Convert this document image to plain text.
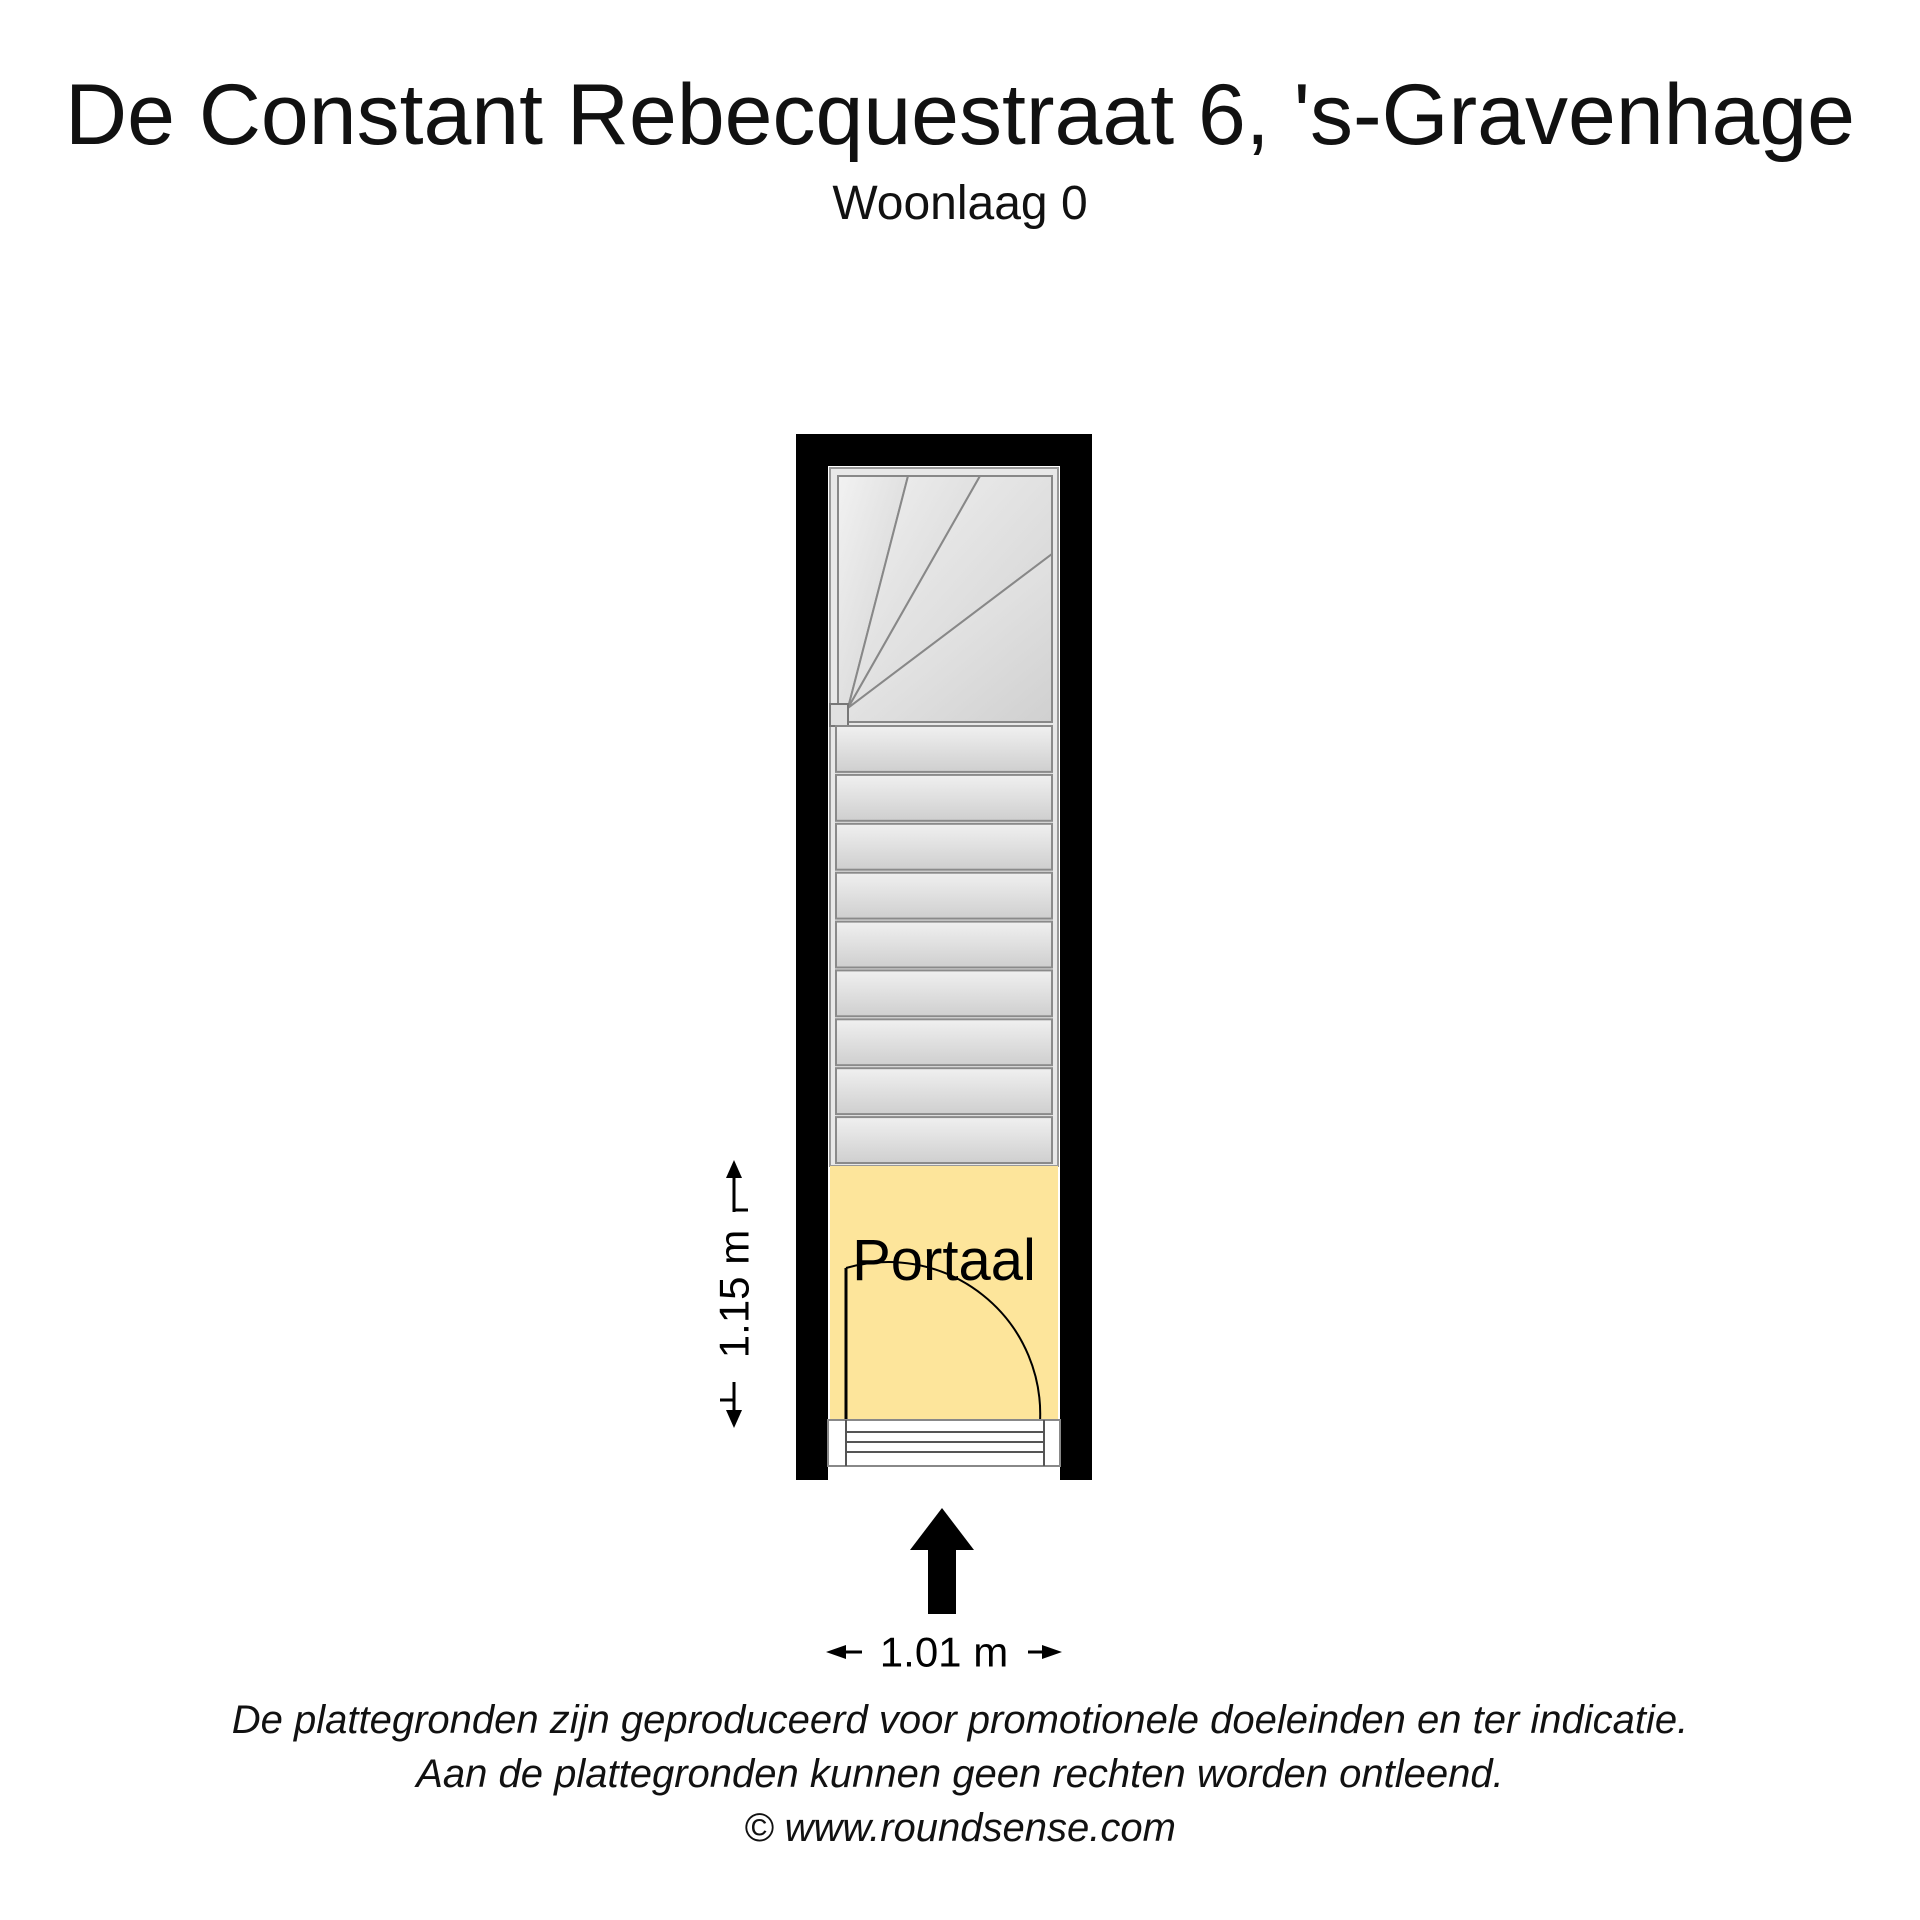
De Constant Rebecquestraat 6, 's-Gravenhage
Woonlaag 0
Portaal
1.15 m
1.01 m
De plattegronden zijn geproduceerd voor promotionele doeleinden en ter indicatie.
Aan de plattegronden kunnen geen rechten worden ontleend.
© www.roundsense.com
